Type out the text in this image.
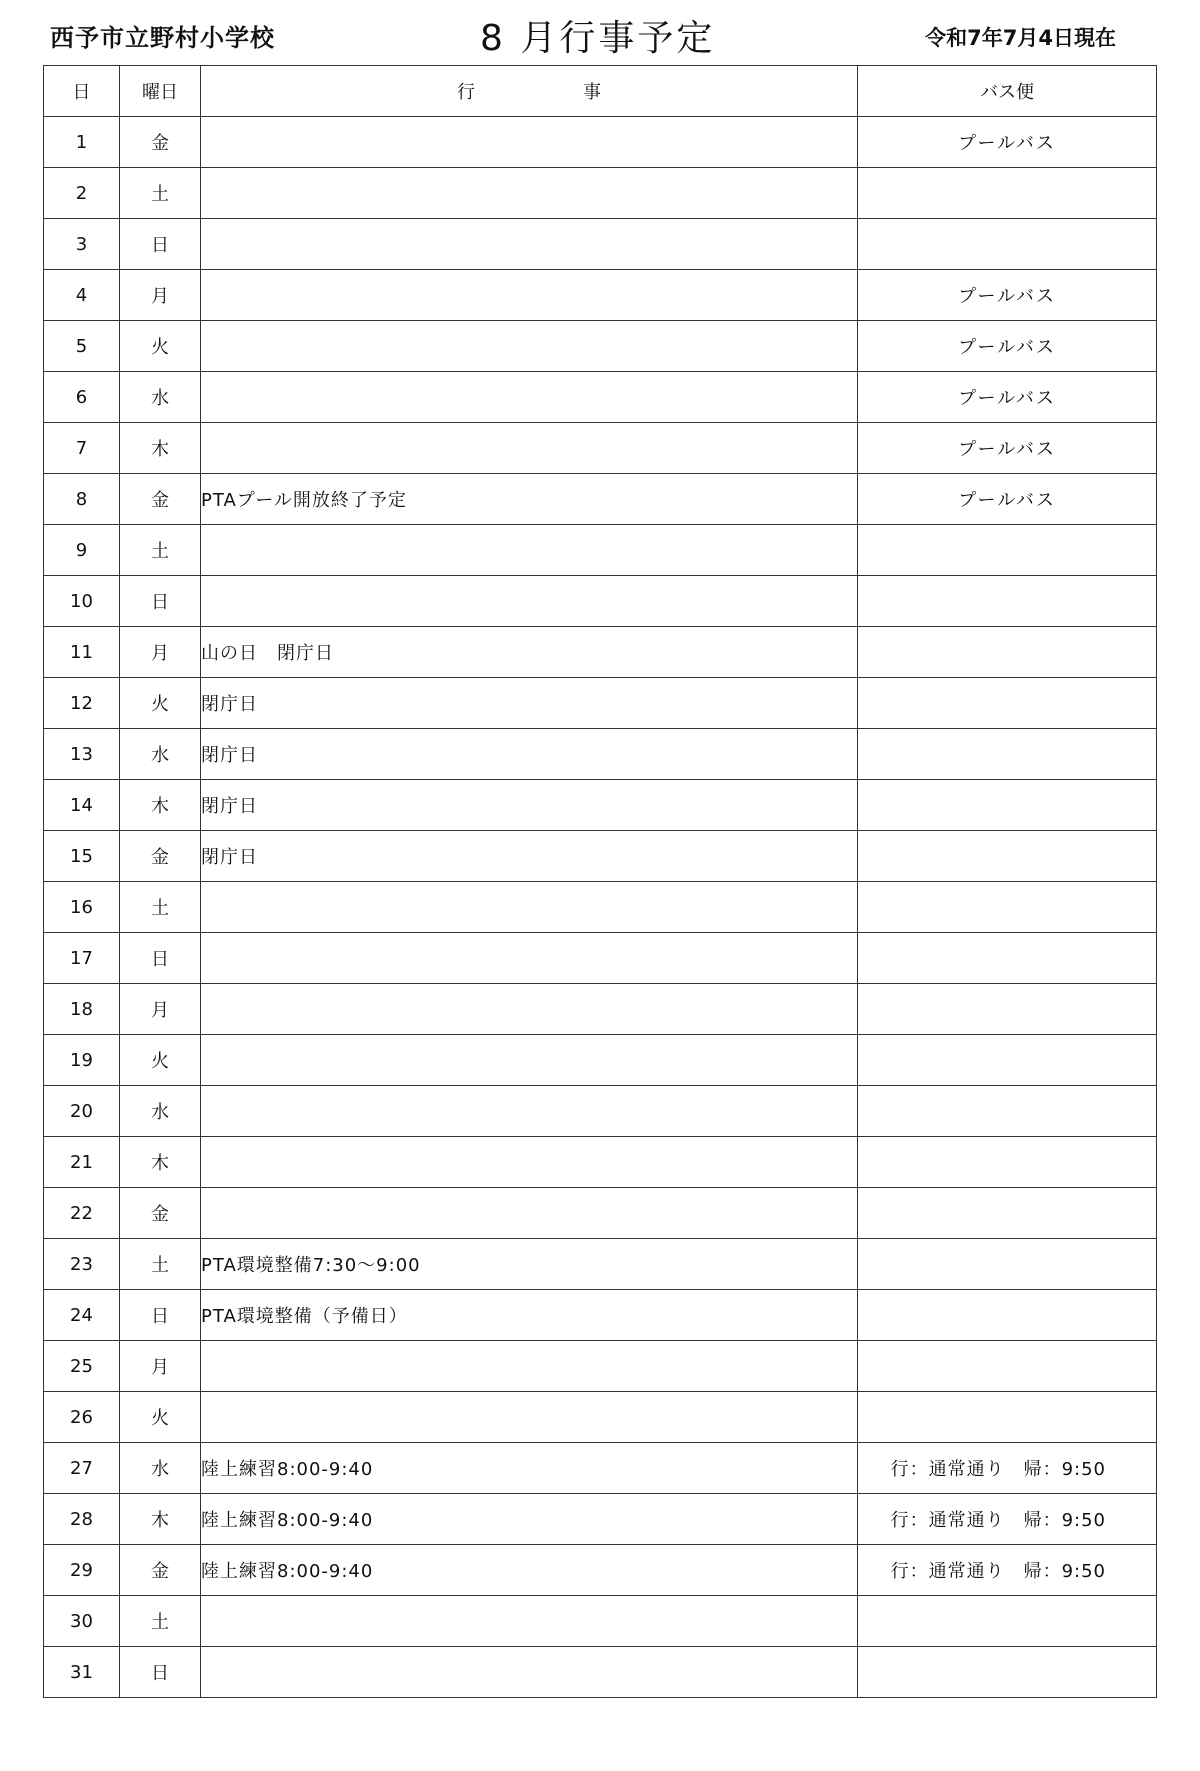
西予市立野村小学校	8 月行事予定	令和7年7月4日現在
日	曜日	行　　　　　　事	バス便
1	金		プールバス
2	土		
3	日		
4	月		プールバス
5	火		プールバス
6	水		プールバス
7	木		プールバス
8	金	PTAプール開放終了予定	プールバス
9	土		
10	日		
11	月	山の日　閉庁日	
12	火	閉庁日	
13	水	閉庁日	
14	木	閉庁日	
15	金	閉庁日	
16	土		
17	日		
18	月		
19	火		
20	水		
21	木		
22	金		
23	土	PTA環境整備7:30～9:00	
24	日	PTA環境整備（予備日）	
25	月		
26	火		
27	水	陸上練習8:00-9:40	行：通常通り　帰：9:50
28	木	陸上練習8:00-9:40	行：通常通り　帰：9:50
29	金	陸上練習8:00-9:40	行：通常通り　帰：9:50
30	土		
31	日		
